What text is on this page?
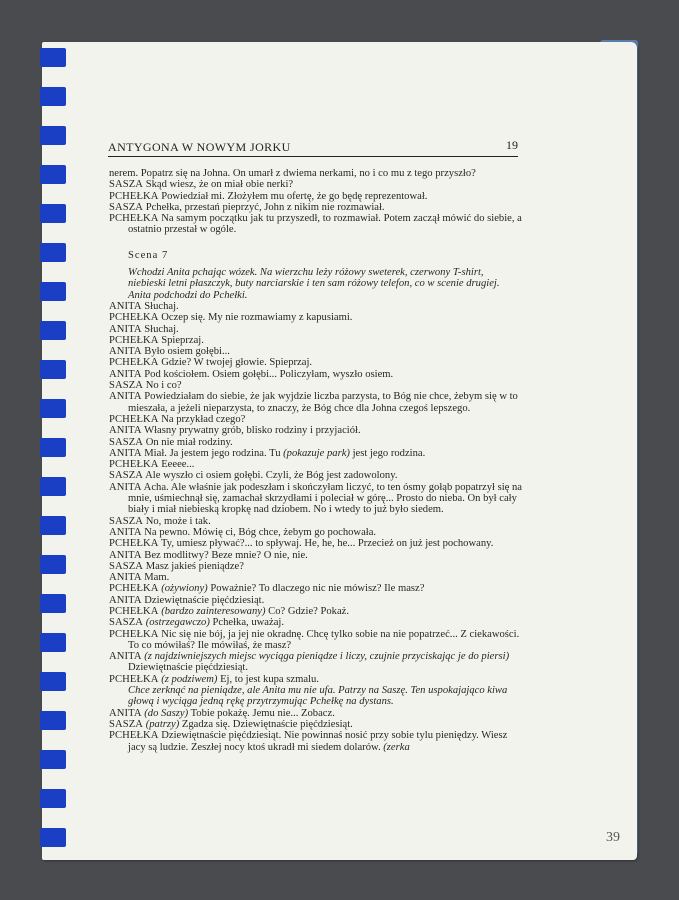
ANTYGONA W NOWYM JORKU	19

nerem. Popatrz się na Johna. On umarł z dwiema nerkami, no i co mu z tego przyszło?

SASZA Skąd wiesz, że on miał obie nerki?

PCHEŁKA Powiedział mi. Złożyłem mu ofertę, że go będę reprezentował.

SASZA Pchełka, przestań pieprzyć, John z nikim nie rozmawiał.

PCHEŁKA Na samym początku jak tu przyszedł, to rozmawiał. Potem zaczął mówić do siebie, a ostatnio przestał w ogóle.

Scena 7

Wchodzi Anita pchając wózek. Na wierzchu leży różowy sweterek, czerwony T-shirt, niebieski letni płaszczyk, buty narciarskie i ten sam różowy telefon, co w scenie drugiej. Anita podchodzi do Pchełki.

ANITA Słuchaj.

PCHEŁKA Oczep się. My nie rozmawiamy z kapusiami.

ANITA Słuchaj.

PCHEŁKA Spieprzaj.

ANITA Było osiem gołębi...

PCHEŁKA Gdzie? W twojej głowie. Spieprzaj.

ANITA Pod kościołem. Osiem gołębi... Policzyłam, wyszło osiem.

SASZA No i co?

ANITA Powiedziałam do siebie, że jak wyjdzie liczba parzysta, to Bóg nie chce, żebym się w to mieszała, a jeżeli nieparzysta, to znaczy, że Bóg chce dla Johna czegoś lepszego.

PCHEŁKA Na przykład czego?

ANITA Własny prywatny grób, blisko rodziny i przyjaciół.

SASZA On nie miał rodziny.

ANITA Miał. Ja jestem jego rodzina. Tu (pokazuje park) jest jego rodzina.

PCHEŁKA Eeeee...

SASZA Ale wyszło ci osiem gołębi. Czyli, że Bóg jest zadowolony.

ANITA Acha. Ale właśnie jak podeszłam i skończyłam liczyć, to ten ósmy gołąb popatrzył się na mnie, uśmiechnął się, zamachał skrzydłami i poleciał w górę... Prosto do nieba. On był cały biały i miał niebieską kropkę nad dziobem. No i wtedy to już było siedem.

SASZA No, może i tak.

ANITA Na pewno. Mówię ci, Bóg chce, żebym go pochowała.

PCHEŁKA Ty, umiesz pływać?... to spływaj. He, he, he... Przecież on już jest pochowany.

ANITA Bez modlitwy? Beze mnie? O nie, nie.

SASZA Masz jakieś pieniądze?

ANITA Mam.

PCHEŁKA (ożywiony) Poważnie? To dlaczego nic nie mówisz? Ile masz?

ANITA Dziewiętnaście pięćdziesiąt.

PCHEŁKA (bardzo zainteresowany) Co? Gdzie? Pokaż.

SASZA (ostrzegawczo) Pchełka, uważaj.

PCHEŁKA Nic się nie bój, ja jej nie okradnę. Chcę tylko sobie na nie popatrzeć... Z ciekawości. To co mówiłaś? Ile mówiłaś, że masz?

ANITA (z najdziwniejszych miejsc wyciąga pieniądze i liczy, czujnie przyciskając je do piersi) Dziewiętnaście pięćdziesiąt.

PCHEŁKA (z podziwem) Ej, to jest kupa szmalu.

Chce zerknąć na pieniądze, ale Anita mu nie ufa. Patrzy na Saszę. Ten uspokajająco kiwa głową i wyciąga jedną rękę przytrzymując Pchełkę na dystans.

ANITA (do Saszy) Tobie pokażę. Jemu nie... Zobacz.

SASZA (patrzy) Zgadza się. Dziewiętnaście pięćdziesiąt.

PCHEŁKA Dziewiętnaście pięćdziesiąt. Nie powinnaś nosić przy sobie tylu pieniędzy. Wiesz jacy są ludzie. Zeszłej nocy ktoś ukradł mi siedem dolarów. (zerka

39
